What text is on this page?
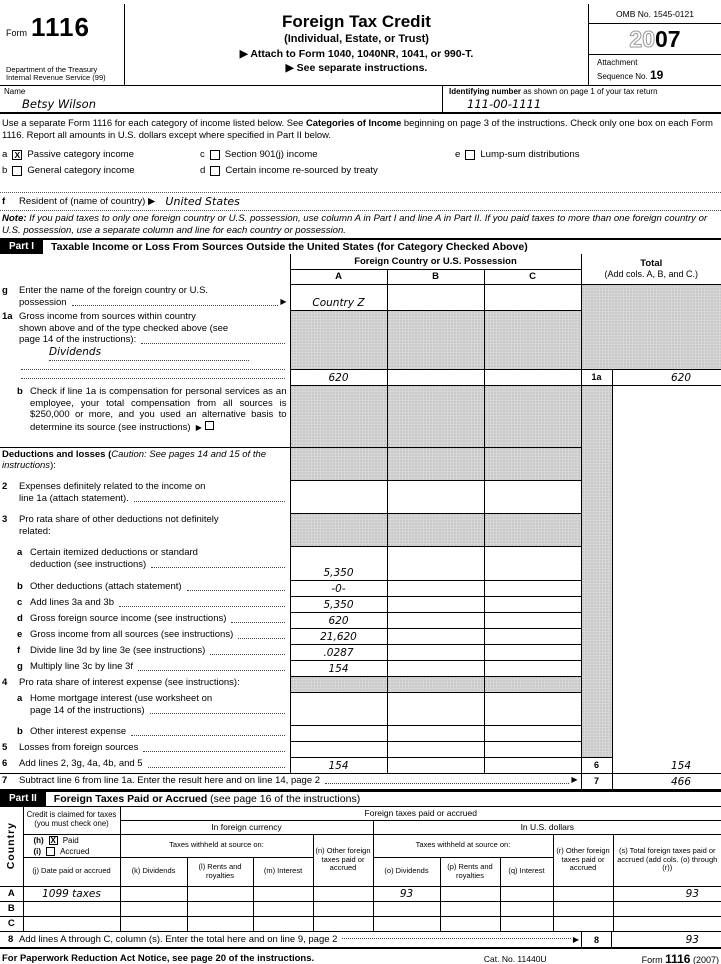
Form 1116
Department of the Treasury
Internal Revenue Service (99)
Foreign Tax Credit
(Individual, Estate, or Trust)
▶ Attach to Form 1040, 1040NR, 1041, or 990-T.
▶ See separate instructions.
OMB No. 1545-0121
2007
Attachment
Sequence No. 19
Name
Betsy Wilson
Identifying number as shown on page 1 of your tax return
111-00-1111
Use a separate Form 1116 for each category of income listed below. See Categories of Income beginning on page 3 of the instructions. Check only one box on each Form 1116. Report all amounts in U.S. dollars except where specified in Part II below.
a X Passive category income
b General category income
c Section 901(j) income
d Certain income re-sourced by treaty
e Lump-sum distributions
f	Resident of (name of country) ▶ United States
Note: If you paid taxes to only one foreign country or U.S. possession, use column A in Part I and line A in Part II. If you paid taxes to more than one foreign country or U.S. possession, use a separate column and line for each country or possession.
Part I	Taxable Income or Loss From Sources Outside the United States (for Category Checked Above)
	Foreign Country or U.S. Possession			Total
(Add cols. A, B, and C.)	

	A	B	C		

g Enter the name of the foreign country or U.S.
possession ▶	Country Z				

1a Gross income from sources within country
shown above and of the type checked above (see
page 14 of the instructions):
Dividends					

	620			1a	620

b Check if line 1a is compensation for personal services as an employee, your total compensation from all sources is $250,000 or more, and you used an alternative basis to determine its source (see instructions) ▶					

Deductions and losses (Caution: See pages 14 and 15 of the instructions):					

2 Expenses definitely related to the income on
line 1a (attach statement).					

3 Pro rata share of other deductions not definitely
related:					

a Certain itemized deductions or standard
deduction (see instructions)	5,350				

b Other deductions (attach statement)	-0-				

c Add lines 3a and 3b	5,350				

d Gross foreign source income (see instructions)	620				

e Gross income from all sources (see instructions)	21,620				

f Divide line 3d by line 3e (see instructions)	.0287				

g Multiply line 3c by line 3f	154				

4 Pro rata share of interest expense (see instructions):					

a Home mortgage interest (use worksheet on
page 14 of the instructions)					

b Other interest expense					

5 Losses from foreign sources					

6 Add lines 2, 3g, 4a, 4b, and 5	154			6	154

7 Subtract line 6 from line 1a. Enter the result here and on line 14, page 2 ▶				7	466
Part II	Foreign Taxes Paid or Accrued (see page 16 of the instructions)
Country	Credit is claimed for taxes (you must check one)	Foreign taxes paid or accrued								
		In foreign currency				In U.S. dollars				

	(h) X Paid
(i) Accrued	Taxes withheld at source on:			(n) Other foreign taxes paid or accrued	Taxes withheld at source on:			(r) Other foreign taxes paid or accrued	(s) Total foreign taxes paid or accrued (add cols. (o) through (r))
	(j) Date paid or accrued	(k) Dividends	(l) Rents and royalties	(m) Interest		(o) Dividends	(p) Rents and royalties	(q) Interest		
A	1099 taxes					93				93
B										
C										
8 Add lines A through C, column (s). Enter the total here and on line 9, page 2	▶	8	93
For Paperwork Reduction Act Notice, see page 20 of the instructions.	Cat. No. 11440U	Form 1116 (2007)
